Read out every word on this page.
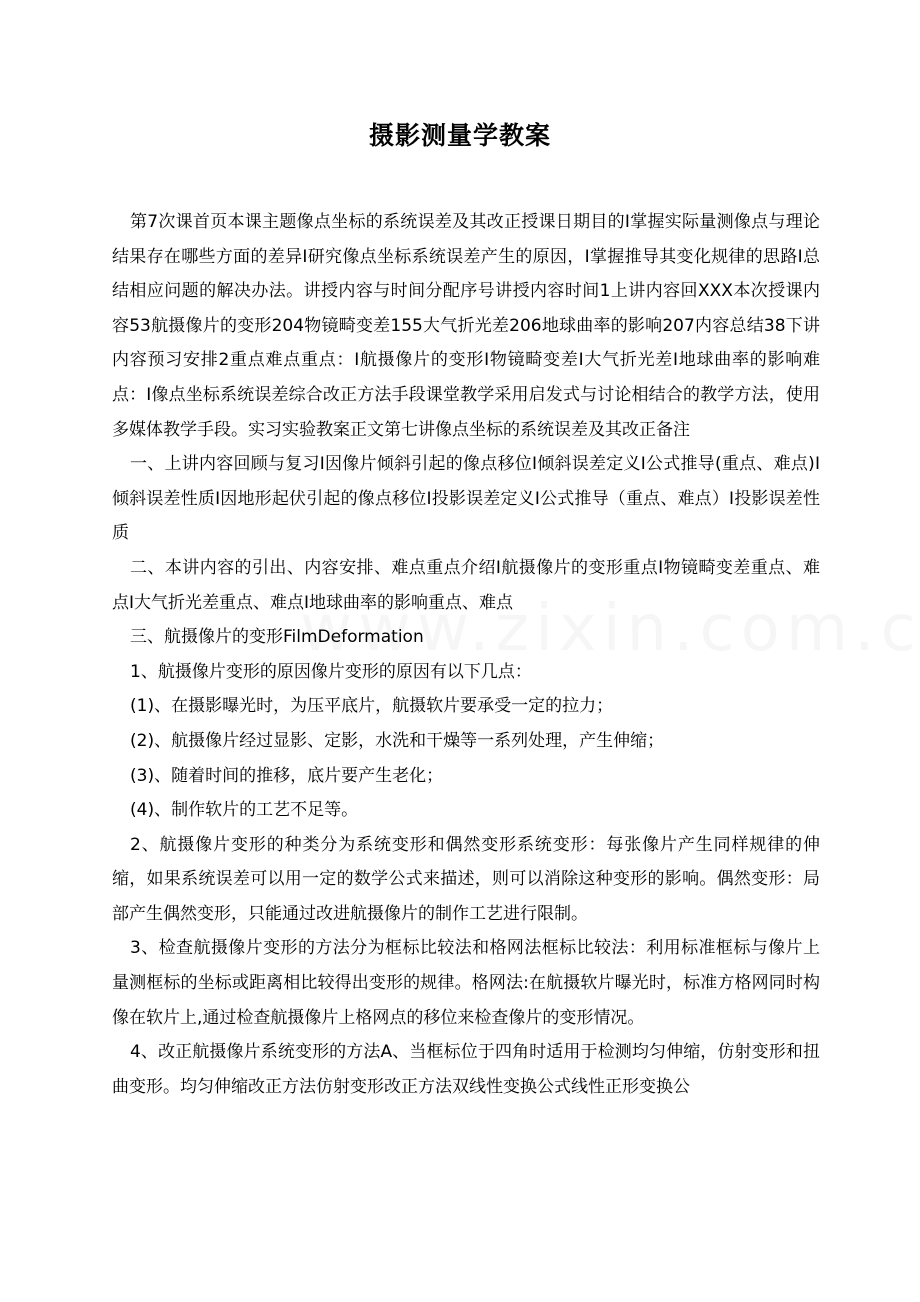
摄影测量学教案

第7次课首页本课主题像点坐标的系统误差及其改正授课日期目的Ⅰ掌握实际量测像点与理论结果存在哪些方面的差异Ⅰ研究像点坐标系统误差产生的原因，Ⅰ掌握推导其变化规律的思路Ⅰ总结相应问题的解决办法。讲授内容与时间分配序号讲授内容时间1上讲内容回XXX本次授课内容53航摄像片的变形204物镜畸变差155大气折光差206地球曲率的影响207内容总结38下讲内容预习安排2重点难点重点：Ⅰ航摄像片的变形Ⅰ物镜畸变差Ⅰ大气折光差Ⅰ地球曲率的影响难点：Ⅰ像点坐标系统误差综合改正方法手段课堂教学采用启发式与讨论相结合的教学方法，使用多媒体教学手段。实习实验教案正文第七讲像点坐标的系统误差及其改正备注

一、上讲内容回顾与复习Ⅰ因像片倾斜引起的像点移位Ⅰ倾斜误差定义Ⅰ公式推导(重点、难点)Ⅰ倾斜误差性质Ⅰ因地形起伏引起的像点移位Ⅰ投影误差定义Ⅰ公式推导（重点、难点）Ⅰ投影误差性质

二、本讲内容的引出、内容安排、难点重点介绍Ⅰ航摄像片的变形重点Ⅰ物镜畸变差重点、难点Ⅰ大气折光差重点、难点Ⅰ地球曲率的影响重点、难点

三、航摄像片的变形FilmDeformation

1、航摄像片变形的原因像片变形的原因有以下几点：

(1)、在摄影曝光时，为压平底片，航摄软片要承受一定的拉力；

(2)、航摄像片经过显影、定影，水洗和干燥等一系列处理，产生伸缩；

(3)、随着时间的推移，底片要产生老化；

(4)、制作软片的工艺不足等。

2、航摄像片变形的种类分为系统变形和偶然变形系统变形：每张像片产生同样规律的伸缩，如果系统误差可以用一定的数学公式来描述，则可以消除这种变形的影响。偶然变形：局部产生偶然变形，只能通过改进航摄像片的制作工艺进行限制。

3、检查航摄像片变形的方法分为框标比较法和格网法框标比较法：利用标准框标与像片上量测框标的坐标或距离相比较得出变形的规律。格网法:在航摄软片曝光时，标准方格网同时构像在软片上,通过检查航摄像片上格网点的移位来检查像片的变形情况。

4、改正航摄像片系统变形的方法A、当框标位于四角时适用于检测均匀伸缩，仿射变形和扭曲变形。均匀伸缩改正方法仿射变形改正方法双线性变换公式线性正形变换公
